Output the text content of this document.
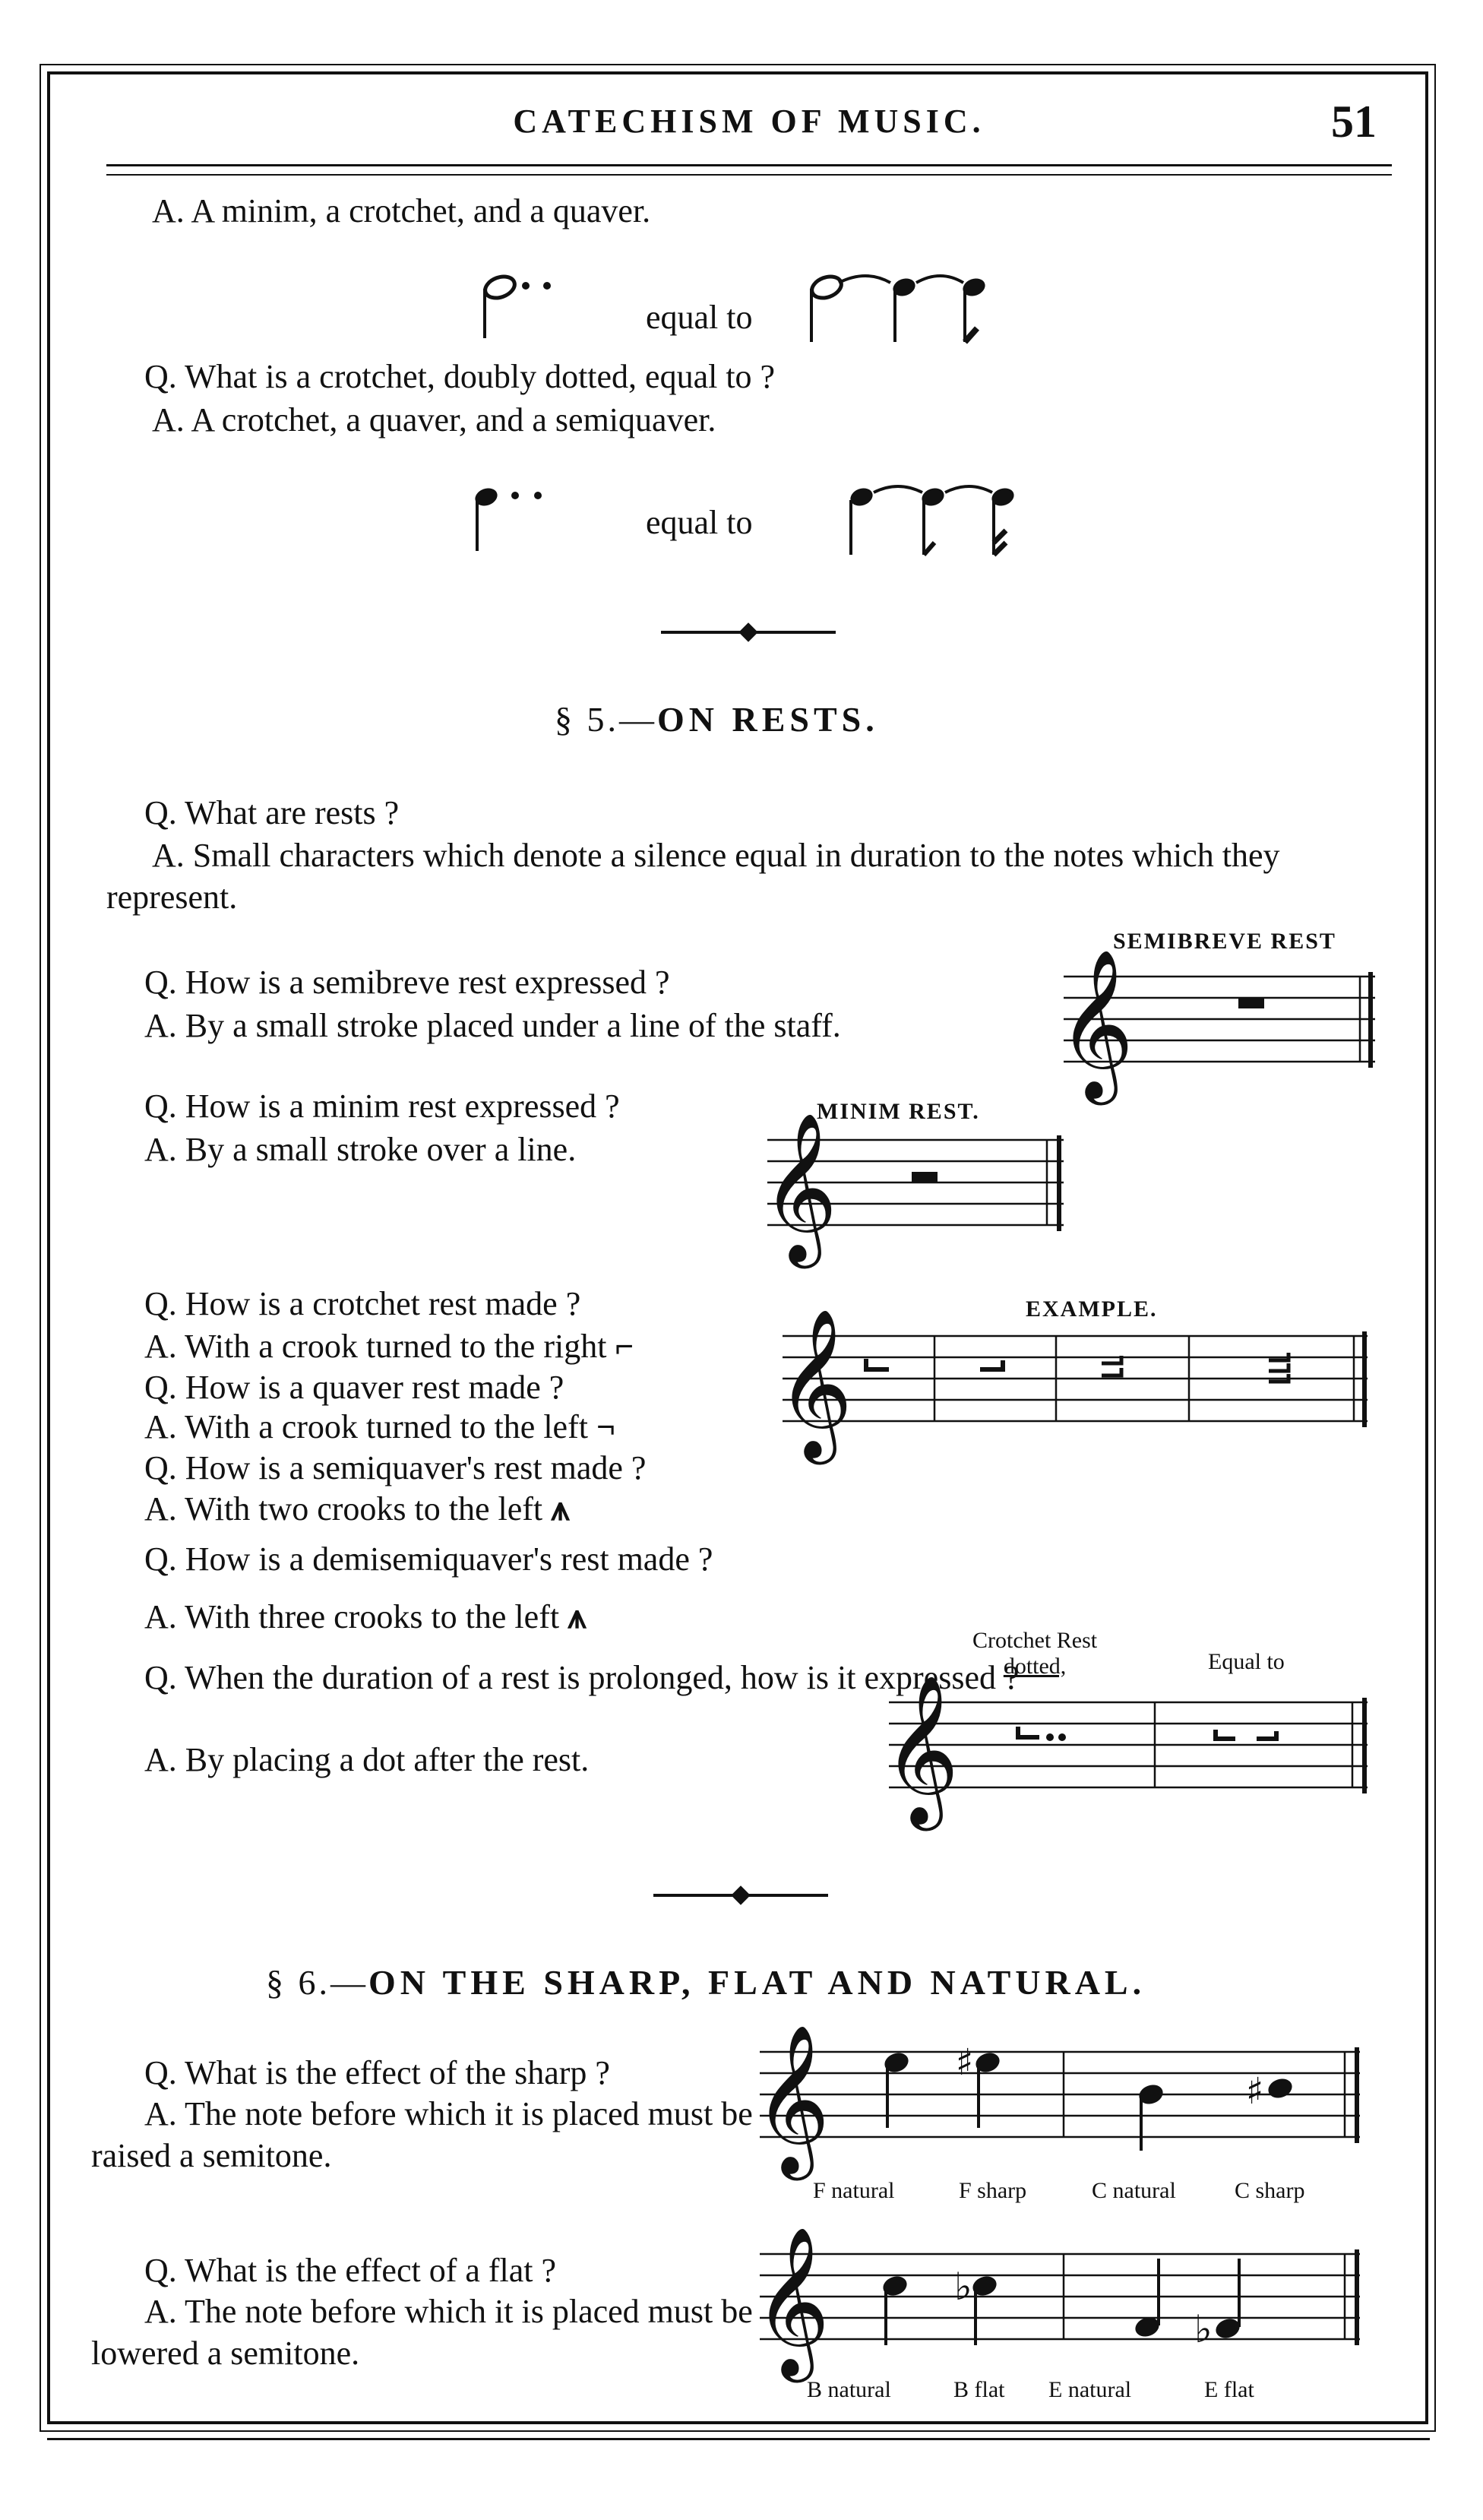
CATECHISM OF MUSIC.	51
A. A minim, a crotchet, and a quaver.
equal to
Q. What is a crotchet, doubly dotted, equal to ?
A. A crotchet, a quaver, and a semiquaver.
equal to
§ 5.—ON RESTS.
Q. What are rests ?
A. Small characters which denote a silence equal in duration to the notes which they represent.
Q. How is a semibreve rest expressed ?
A. By a small stroke placed under a line of the staff.
SEMIBREVE REST
𝄞
Q. How is a minim rest expressed ?
A. By a small stroke over a line.
MINIM REST.
𝄞
Q. How is a crotchet rest made ?
A. With a crook turned to the right ⌐
Q. How is a quaver rest made ?
A. With a crook turned to the left ¬
Q. How is a semiquaver's rest made ?
A. With two crooks to the left ⩚
Q. How is a demisemiquaver's rest made ?
A. With three crooks to the left ⩚
EXAMPLE.
𝄞
Q. When the duration of a rest is prolonged, how is it expressed ?
A. By placing a dot after the rest.
Crotchet Rest
dotted,	Equal to
𝄞
§ 6.—ON THE SHARP, FLAT AND NATURAL.
Q. What is the effect of the sharp ?
A. The note before which it is placed must be raised a semitone.	𝄞	♯
♯
F natural	F sharp	C natural	C sharp
Q. What is the effect of a flat ?
A. The note before which it is placed must be lowered a semitone.	𝄞	♭
♭
B natural	B flat E natural	E flat
